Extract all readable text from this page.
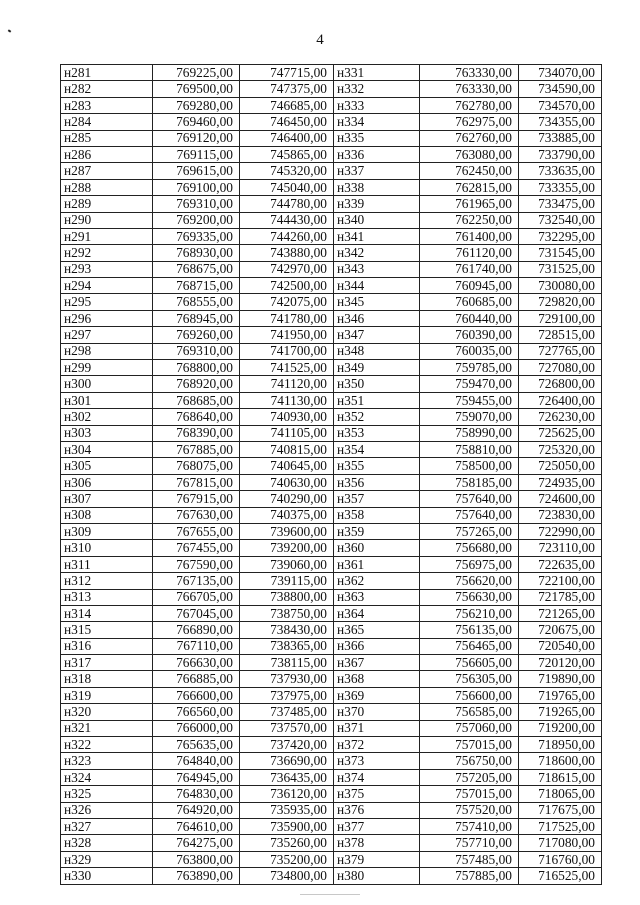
4
н281	769225,00	747715,00	н331	763330,00	734070,00
н282	769500,00	747375,00	н332	763330,00	734590,00
н283	769280,00	746685,00	н333	762780,00	734570,00
н284	769460,00	746450,00	н334	762975,00	734355,00
н285	769120,00	746400,00	н335	762760,00	733885,00
н286	769115,00	745865,00	н336	763080,00	733790,00
н287	769615,00	745320,00	н337	762450,00	733635,00
н288	769100,00	745040,00	н338	762815,00	733355,00
н289	769310,00	744780,00	н339	761965,00	733475,00
н290	769200,00	744430,00	н340	762250,00	732540,00
н291	769335,00	744260,00	н341	761400,00	732295,00
н292	768930,00	743880,00	н342	761120,00	731545,00
н293	768675,00	742970,00	н343	761740,00	731525,00
н294	768715,00	742500,00	н344	760945,00	730080,00
н295	768555,00	742075,00	н345	760685,00	729820,00
н296	768945,00	741780,00	н346	760440,00	729100,00
н297	769260,00	741950,00	н347	760390,00	728515,00
н298	769310,00	741700,00	н348	760035,00	727765,00
н299	768800,00	741525,00	н349	759785,00	727080,00
н300	768920,00	741120,00	н350	759470,00	726800,00
н301	768685,00	741130,00	н351	759455,00	726400,00
н302	768640,00	740930,00	н352	759070,00	726230,00
н303	768390,00	741105,00	н353	758990,00	725625,00
н304	767885,00	740815,00	н354	758810,00	725320,00
н305	768075,00	740645,00	н355	758500,00	725050,00
н306	767815,00	740630,00	н356	758185,00	724935,00
н307	767915,00	740290,00	н357	757640,00	724600,00
н308	767630,00	740375,00	н358	757640,00	723830,00
н309	767655,00	739600,00	н359	757265,00	722990,00
н310	767455,00	739200,00	н360	756680,00	723110,00
н311	767590,00	739060,00	н361	756975,00	722635,00
н312	767135,00	739115,00	н362	756620,00	722100,00
н313	766705,00	738800,00	н363	756630,00	721785,00
н314	767045,00	738750,00	н364	756210,00	721265,00
н315	766890,00	738430,00	н365	756135,00	720675,00
н316	767110,00	738365,00	н366	756465,00	720540,00
н317	766630,00	738115,00	н367	756605,00	720120,00
н318	766885,00	737930,00	н368	756305,00	719890,00
н319	766600,00	737975,00	н369	756600,00	719765,00
н320	766560,00	737485,00	н370	756585,00	719265,00
н321	766000,00	737570,00	н371	757060,00	719200,00
н322	765635,00	737420,00	н372	757015,00	718950,00
н323	764840,00	736690,00	н373	756750,00	718600,00
н324	764945,00	736435,00	н374	757205,00	718615,00
н325	764830,00	736120,00	н375	757015,00	718065,00
н326	764920,00	735935,00	н376	757520,00	717675,00
н327	764610,00	735900,00	н377	757410,00	717525,00
н328	764275,00	735260,00	н378	757710,00	717080,00
н329	763800,00	735200,00	н379	757485,00	716760,00
н330	763890,00	734800,00	н380	757885,00	716525,00
